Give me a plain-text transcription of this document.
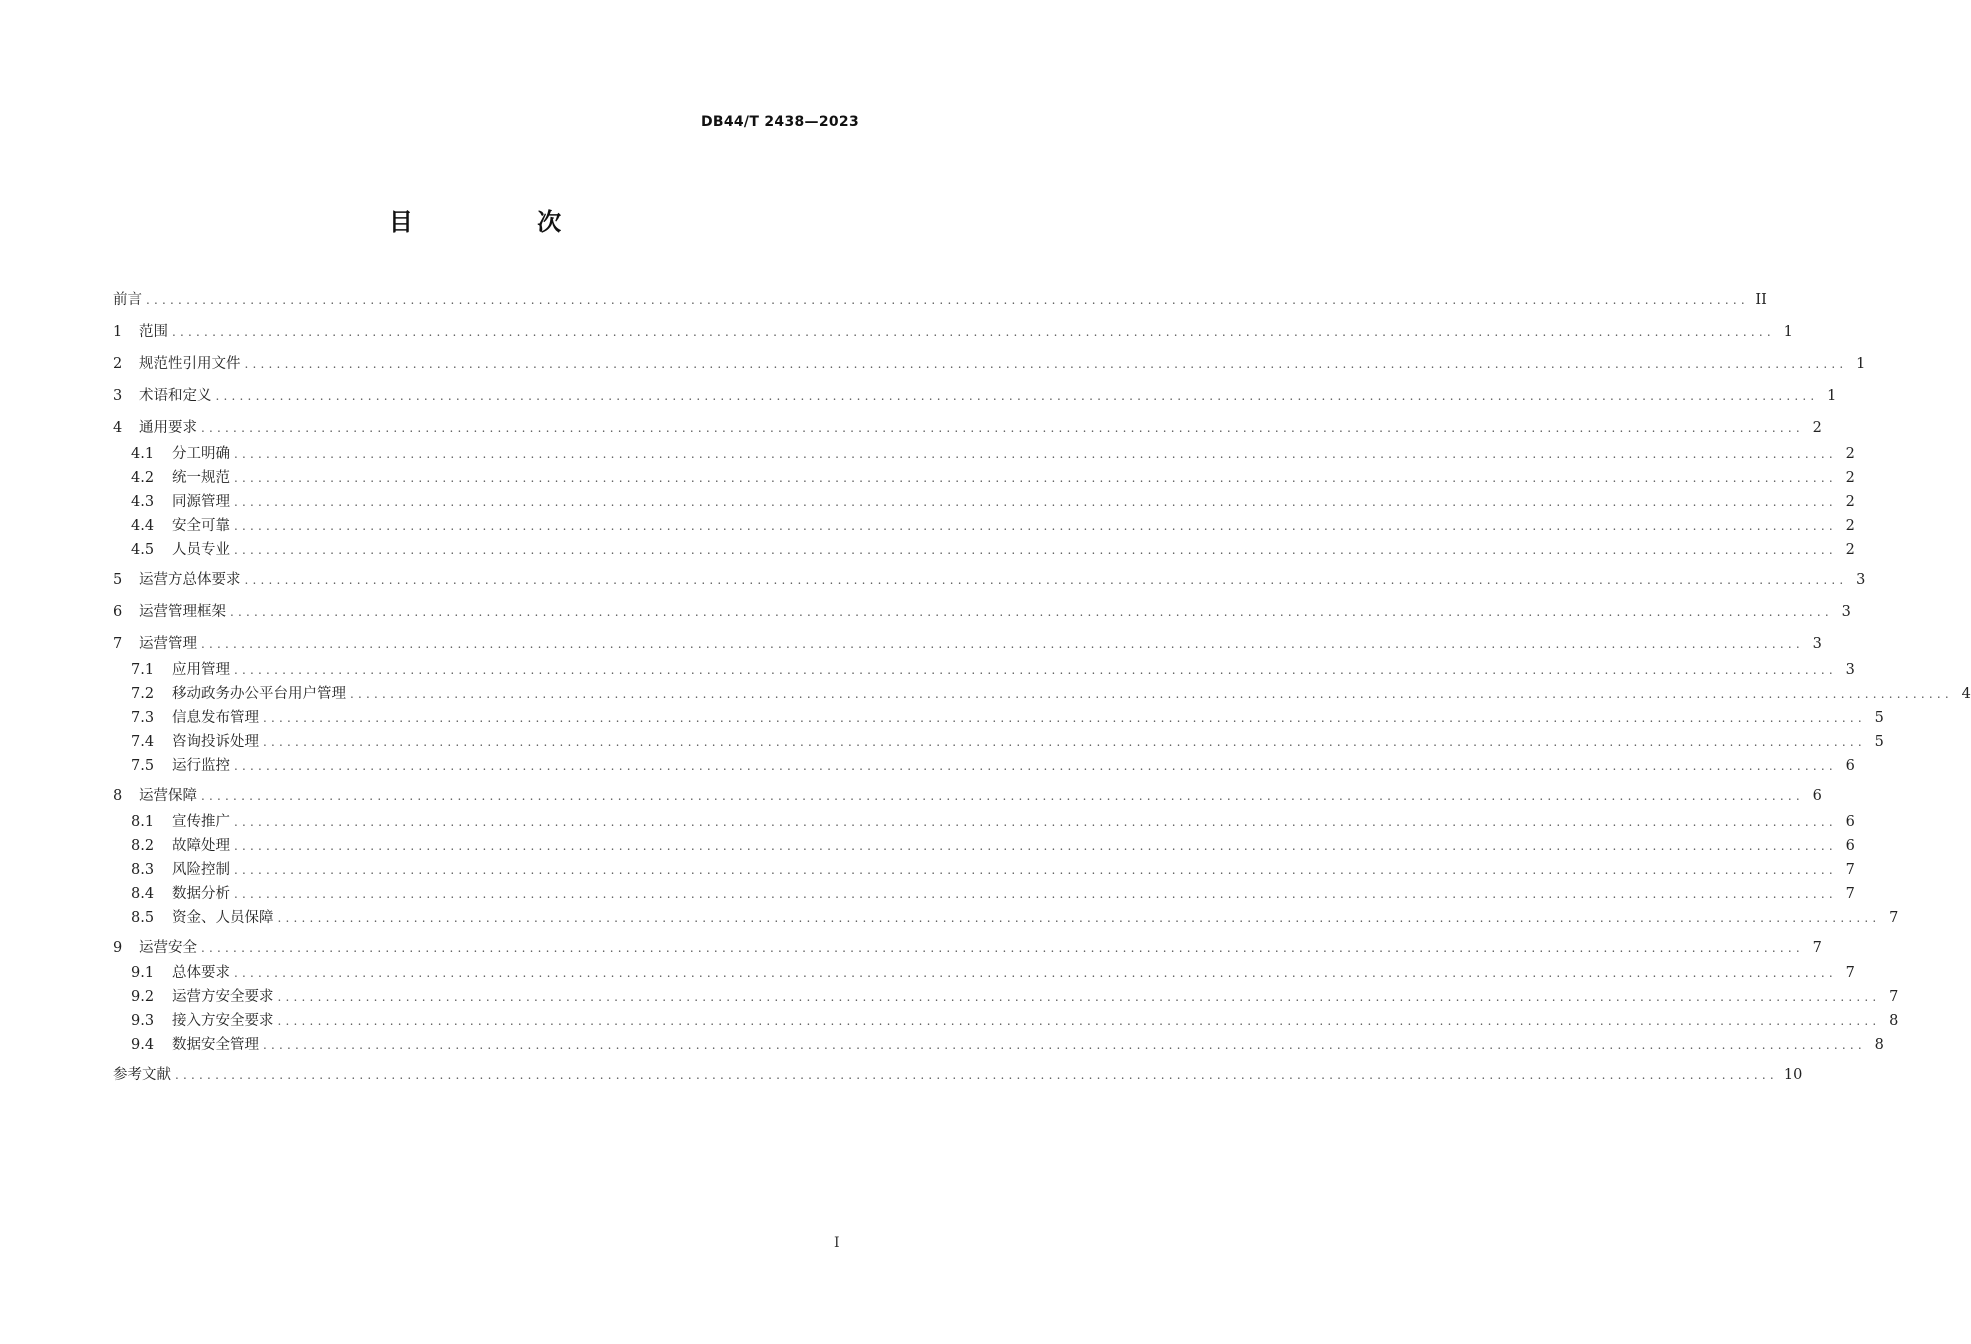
DB44/T 2438—2023
目 次
前言 ........................................................................................................................................................................................................ II
1	范围 ........................................................................................................................................................................................................ 1
2	规范性引用文件 ........................................................................................................................................................................................................ 1
3	术语和定义 ........................................................................................................................................................................................................ 1
4	通用要求 ........................................................................................................................................................................................................ 2
4.1	分工明确 ........................................................................................................................................................................................................ 2
4.2	统一规范 ........................................................................................................................................................................................................ 2
4.3	同源管理 ........................................................................................................................................................................................................ 2
4.4	安全可靠 ........................................................................................................................................................................................................ 2
4.5	人员专业 ........................................................................................................................................................................................................ 2
5	运营方总体要求 ........................................................................................................................................................................................................ 3
6	运营管理框架 ........................................................................................................................................................................................................ 3
7	运营管理 ........................................................................................................................................................................................................ 3
7.1	应用管理 ........................................................................................................................................................................................................ 3
7.2	移动政务办公平台用户管理 ........................................................................................................................................................................................................ 4
7.3	信息发布管理 ........................................................................................................................................................................................................ 5
7.4	咨询投诉处理 ........................................................................................................................................................................................................ 5
7.5	运行监控 ........................................................................................................................................................................................................ 6
8	运营保障 ........................................................................................................................................................................................................ 6
8.1	宣传推广 ........................................................................................................................................................................................................ 6
8.2	故障处理 ........................................................................................................................................................................................................ 6
8.3	风险控制 ........................................................................................................................................................................................................ 7
8.4	数据分析 ........................................................................................................................................................................................................ 7
8.5	资金、人员保障 ........................................................................................................................................................................................................ 7
9	运营安全 ........................................................................................................................................................................................................ 7
9.1	总体要求 ........................................................................................................................................................................................................ 7
9.2	运营方安全要求 ........................................................................................................................................................................................................ 7
9.3	接入方安全要求 ........................................................................................................................................................................................................ 8
9.4	数据安全管理 ........................................................................................................................................................................................................ 8
参考文献 ........................................................................................................................................................................................................ 10
I
